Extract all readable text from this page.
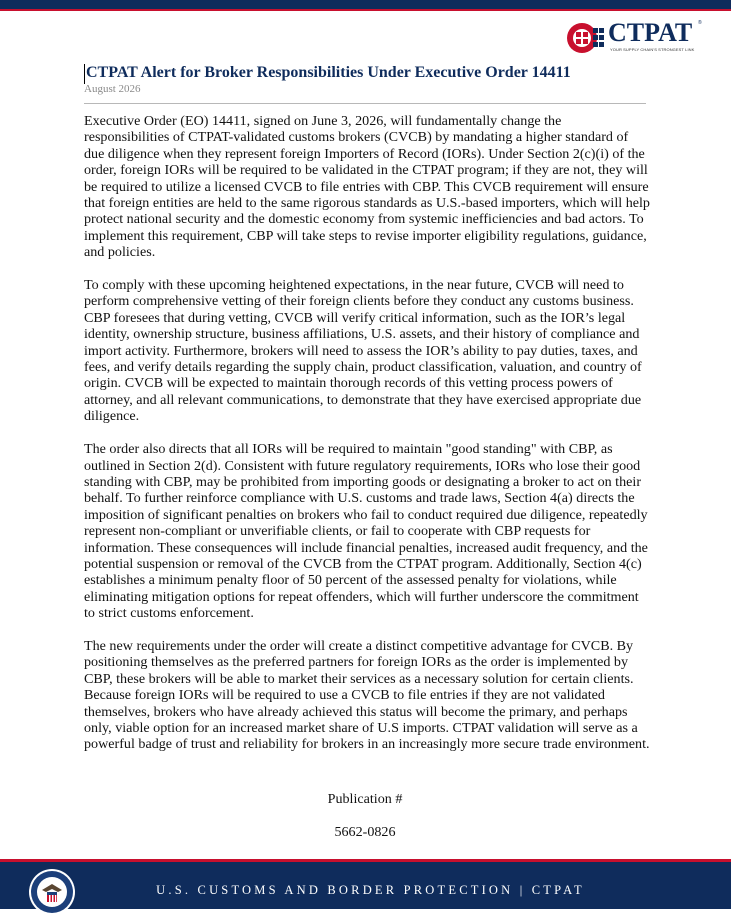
CTPAT ®
YOUR SUPPLY CHAIN'S STRONGEST LINK
CTPAT Alert for Broker Responsibilities Under Executive Order 14411
August 2026

Executive Order (EO) 14411, signed on June 3, 2026, will fundamentally change the responsibilities of CTPAT-validated customs brokers (CVCB) by mandating a higher standard of due diligence when they represent foreign Importers of Record (IORs). Under Section 2(c)(i) of the order, foreign IORs will be required to be validated in the CTPAT program; if they are not, they will be required to utilize a licensed CVCB to file entries with CBP. This CVCB requirement will ensure that foreign entities are held to the same rigorous standards as U.S.-based importers, which will help protect national security and the domestic economy from systemic inefficiencies and bad actors. To implement this requirement, CBP will take steps to revise importer eligibility regulations, guidance, and policies.

To comply with these upcoming heightened expectations, in the near future, CVCB will need to perform comprehensive vetting of their foreign clients before they conduct any customs business. CBP foresees that during vetting, CVCB will verify critical information, such as the IOR’s legal identity, ownership structure, business affiliations, U.S. assets, and their history of compliance and import activity. Furthermore, brokers will need to assess the IOR’s ability to pay duties, taxes, and fees, and verify details regarding the supply chain, product classification, valuation, and country of origin. CVCB will be expected to maintain thorough records of this vetting process powers of attorney, and all relevant communications, to demonstrate that they have exercised appropriate due diligence.

The order also directs that all IORs will be required to maintain "good standing" with CBP, as outlined in Section 2(d). Consistent with future regulatory requirements, IORs who lose their good standing with CBP, may be prohibited from importing goods or designating a broker to act on their behalf. To further reinforce compliance with U.S. customs and trade laws, Section 4(a) directs the imposition of significant penalties on brokers who fail to conduct required due diligence, repeatedly represent non-compliant or unverifiable clients, or fail to cooperate with CBP requests for information. These consequences will include financial penalties, increased audit frequency, and the potential suspension or removal of the CVCB from the CTPAT program. Additionally, Section 4(c) establishes a minimum penalty floor of 50 percent of the assessed penalty for violations, while eliminating mitigation options for repeat offenders, which will further underscore the commitment to strict customs enforcement.

The new requirements under the order will create a distinct competitive advantage for CVCB. By positioning themselves as the preferred partners for foreign IORs as the order is implemented by CBP, these brokers will be able to market their services as a necessary solution for certain clients. Because foreign IORs will be required to use a CVCB to file entries if they are not validated themselves, brokers who have already achieved this status will become the primary, and perhaps only, viable option for an increased market share of U.S imports. CTPAT validation will serve as a powerful badge of trust and reliability for brokers in an increasingly more secure trade environment.

Publication #
5662-0826
U.S. CUSTOMS AND BORDER PROTECTION | CTPAT
